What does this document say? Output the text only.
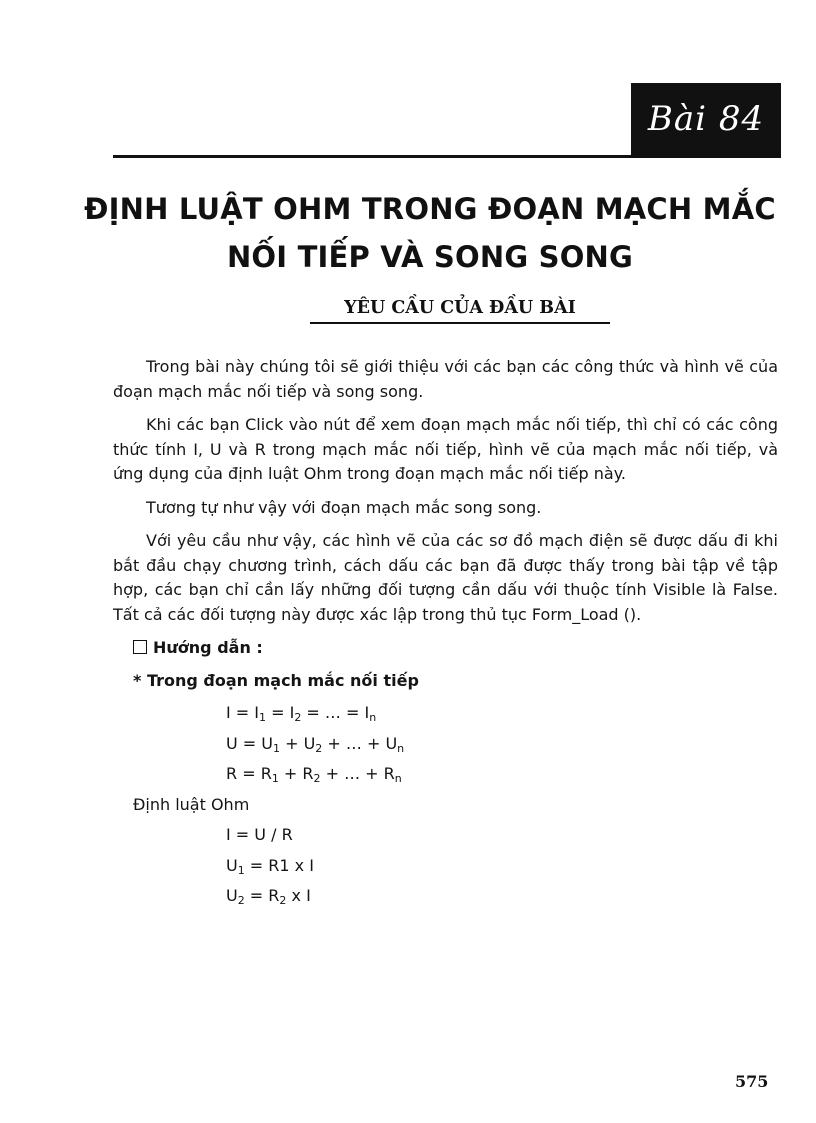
Bài 84
ĐỊNH LUẬT OHM TRONG ĐOẠN MẠCH MẮC
NỐI TIẾP VÀ SONG SONG
YÊU CẦU CỦA ĐẦU BÀI

Trong bài này chúng tôi sẽ giới thiệu với các bạn các công thức và hình vẽ của đoạn mạch mắc nối tiếp và song song.

Khi các bạn Click vào nút để xem đoạn mạch mắc nối tiếp, thì chỉ có các công thức tính I, U và R trong mạch mắc nối tiếp, hình vẽ của mạch mắc nối tiếp, và ứng dụng của định luật Ohm trong đoạn mạch mắc nối tiếp này.

Tương tự như vậy với đoạn mạch mắc song song.

Với yêu cầu như vậy, các hình vẽ của các sơ đồ mạch điện sẽ được dấu đi khi bắt đầu chạy chương trình, cách dấu các bạn đã được thấy trong bài tập về tập hợp, các bạn chỉ cần lấy những đối tượng cần dấu với thuộc tính Visible là False. Tất cả các đối tượng này được xác lập trong thủ tục Form_Load ().

Hướng dẫn :
* Trong đoạn mạch mắc nối tiếp
$I = I_1 = I_2$ = … = $I_n$
$U = U_1 + U_2$ + … + $U_n$
$R = R_1 + R_2$ + … + $R_n$
Định luật Ohm
I = U / R
$U_1 = R1$ x I
$U_2 = R_2$ x I
575
